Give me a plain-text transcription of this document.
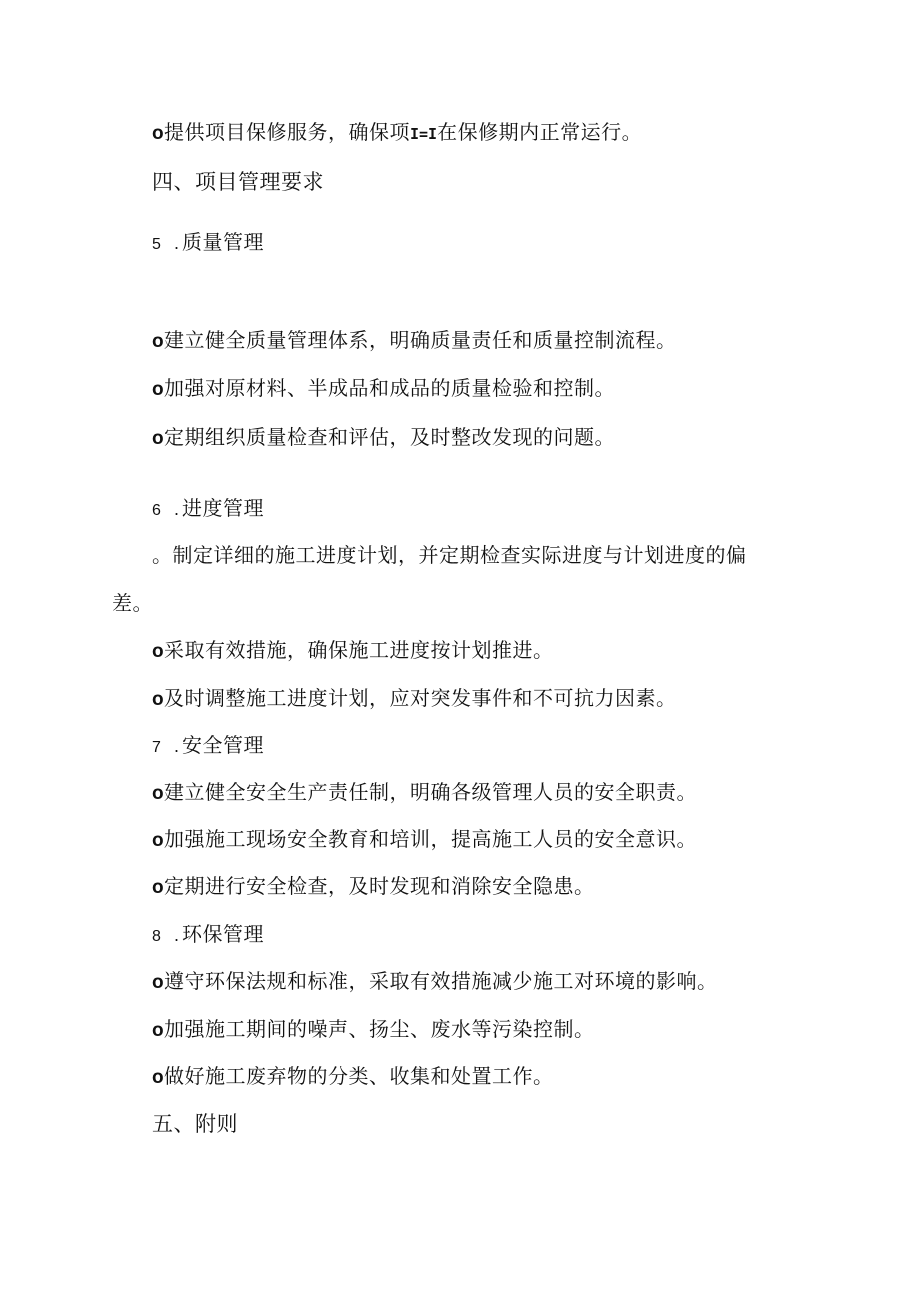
o提供项目保修服务，确保项I=I在保修期内正常运行。
四、项目管理要求
5 . 质量管理
o建立健全质量管理体系，明确质量责任和质量控制流程。
o加强对原材料、半成品和成品的质量检验和控制。
o定期组织质量检查和评估，及时整改发现的问题。
6 . 进度管理
。制定详细的施工进度计划，并定期检查实际进度与计划进度的偏
差。
o采取有效措施，确保施工进度按计划推进。
o及时调整施工进度计划，应对突发事件和不可抗力因素。
7 . 安全管理
o建立健全安全生产责任制，明确各级管理人员的安全职责。
o加强施工现场安全教育和培训，提高施工人员的安全意识。
o定期进行安全检查，及时发现和消除安全隐患。
8 . 环保管理
o遵守环保法规和标准，采取有效措施减少施工对环境的影响。
o加强施工期间的噪声、扬尘、废水等污染控制。
o做好施工废弃物的分类、收集和处置工作。
五、附则
